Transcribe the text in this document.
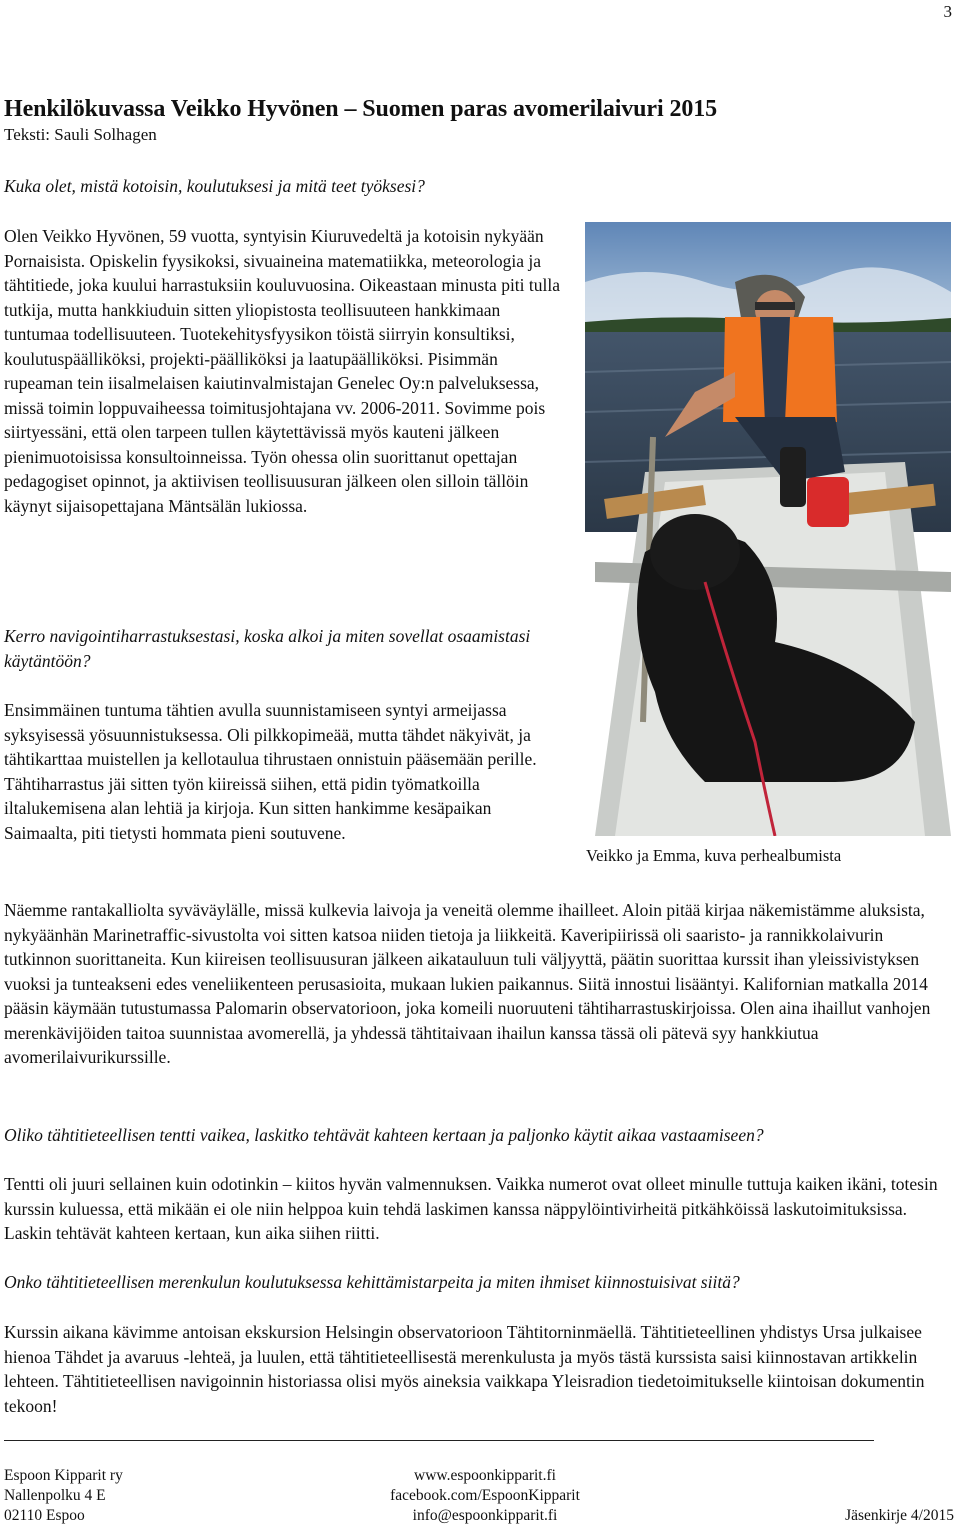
3
Henkilökuvassa Veikko Hyvönen – Suomen paras avomerilaivuri 2015
Teksti: Sauli Solhagen

Kuka olet, mistä kotoisin, koulutuksesi ja mitä teet työksesi?

Olen Veikko Hyvönen, 59 vuotta, syntyisin Kiuruvedeltä ja kotoisin nykyään Pornaisista. Opiskelin fyysikoksi, sivuaineina matematiikka, meteorologia ja tähtitiede, joka kuului harrastuksiin kouluvuosina. Oikeastaan minusta piti tulla tutkija, mutta hankkiuduin sitten yliopistosta teollisuuteen hankkimaan tuntumaa todellisuuteen. Tuotekehitysfyysikon töistä siirryin konsultiksi, koulutuspäälliköksi, projekti-päälliköksi ja laatupäälliköksi. Pisimmän rupeaman tein iisalmelaisen kaiutinvalmistajan Genelec Oy:n palveluksessa, missä toimin loppuvaiheessa toimitusjohtajana vv. 2006-2011. Sovimme pois siirtyessäni, että olen tarpeen tullen käytettävissä myös kauteni jälkeen pienimuotoisissa konsultoinneissa. Työn ohessa olin suorittanut opettajan pedagogiset opinnot, ja aktiivisen teollisuusuran jälkeen olen silloin tällöin käynyt sijaisopettajana Mäntsälän lukiossa.

Kerro navigointiharrastuksestasi, koska alkoi ja miten sovellat osaamistasi käytäntöön?

Ensimmäinen tuntuma tähtien avulla suunnistamiseen syntyi armeijassa syksyisessä yösuunnistuksessa. Oli pilkkopimeää, mutta tähdet näkyivät, ja tähtikarttaa muistellen ja kellotaulua tihrustaen onnistuin pääsemään perille. Tähtiharrastus jäi sitten työn kiireissä siihen, että pidin työmatkoilla iltalukemisena alan lehtiä ja kirjoja. Kun sitten hankimme kesäpaikan Saimaalta, piti tietysti hommata pieni soutuvene.

Veikko ja Emma, kuva perhealbumista

Näemme rantakalliolta syväväylälle, missä kulkevia laivoja ja veneitä olemme ihailleet. Aloin pitää kirjaa näkemistämme aluksista, nykyäänhän Marinetraffic-sivustolta voi sitten katsoa niiden tietoja ja liikkeitä. Kaveripiirissä oli saaristo- ja rannikkolaivurin tutkinnon suorittaneita. Kun kiireisen teollisuusuran jälkeen aikatauluun tuli väljyyttä, päätin suorittaa kurssit ihan yleissivistyksen vuoksi ja tunteakseni edes veneliikenteen perusasioita, mukaan lukien paikannus. Siitä innostui lisääntyi. Kalifornian matkalla 2014 pääsin käymään tutustumassa Palomarin observatorioon, joka komeili nuoruuteni tähtiharrastuskirjoissa. Olen aina ihaillut vanhojen merenkävijöiden taitoa suunnistaa avomerellä, ja yhdessä tähtitaivaan ihailun kanssa tässä oli pätevä syy hankkiutua avomerilaivurikurssille.

Oliko tähtitieteellisen tentti vaikea, laskitko tehtävät kahteen kertaan ja paljonko käytit aikaa vastaamiseen?

Tentti oli juuri sellainen kuin odotinkin – kiitos hyvän valmennuksen. Vaikka numerot ovat olleet minulle tuttuja kaiken ikäni, totesin kurssin kuluessa, että mikään ei ole niin helppoa kuin tehdä laskimen kanssa näppylöintivirheitä pitkähköissä laskutoimituksissa. Laskin tehtävät kahteen kertaan, kun aika siihen riitti.

Onko tähtitieteellisen merenkulun koulutuksessa kehittämistarpeita ja miten ihmiset kiinnostuisivat siitä?

Kurssin aikana kävimme antoisan ekskursion Helsingin observatorioon Tähtitorninmäellä. Tähtitieteellinen yhdistys Ursa julkaisee hienoa Tähdet ja avaruus -lehteä, ja luulen, että tähtitieteellisestä merenkulusta ja myös tästä kurssista saisi kiinnostavan artikkelin lehteen. Tähtitieteellisen navigoinnin historiassa olisi myös aineksia vaikkapa Yleisradion tiedetoimitukselle kiintoisan dokumentin tekoon!

Espoon Kipparit ry
Nallenpolku 4 E
02110 Espoo
www.espoonkipparit.fi
facebook.com/EspoonKipparit
info@espoonkipparit.fi	Jäsenkirje 4/2015
